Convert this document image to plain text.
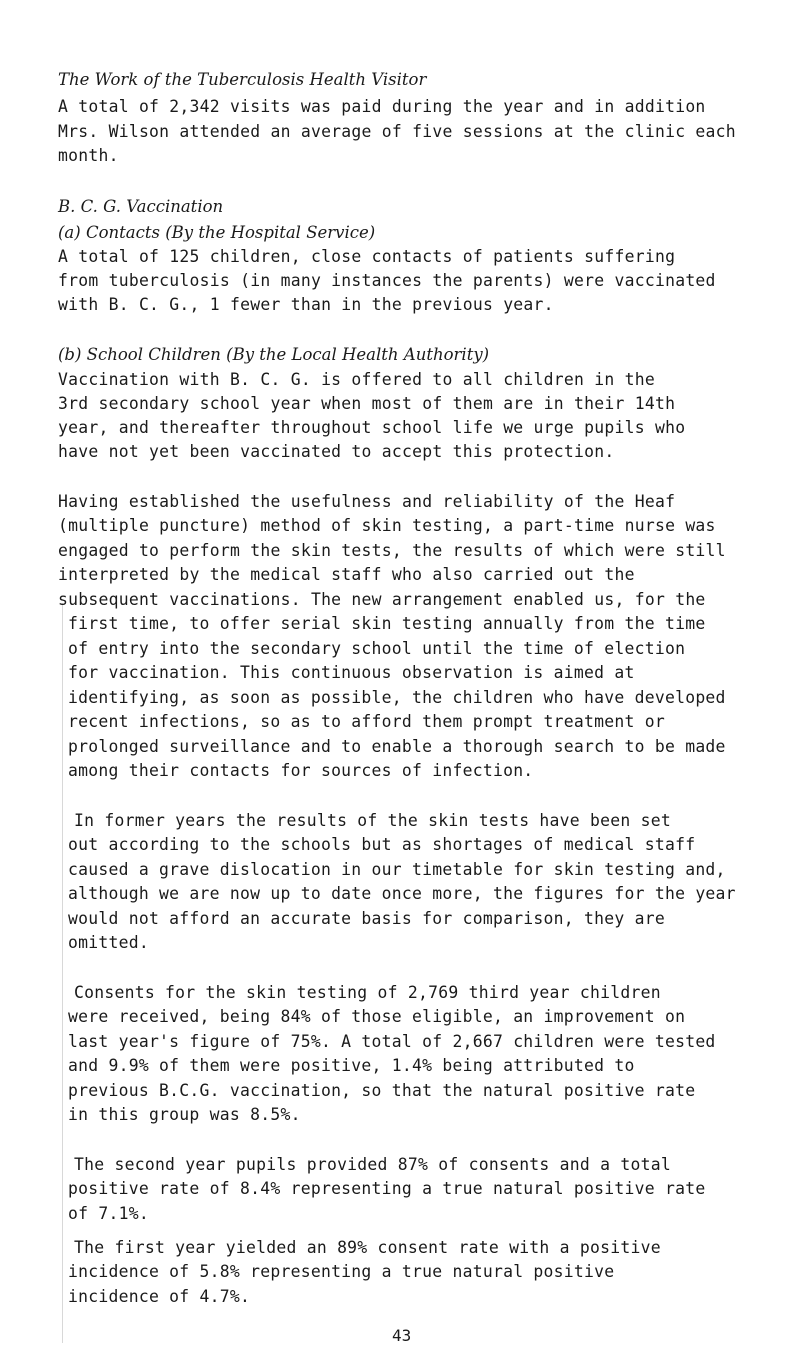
The Work of the Tuberculosis Health Visitor
A total of 2,342 visits was paid during the year and in addition
Mrs. Wilson attended an average of five sessions at the clinic each
month.
B. C. G. Vaccination
(a) Contacts (By the Hospital Service)
A total of 125 children, close contacts of patients suffering
from tuberculosis (in many instances the parents) were vaccinated
with B. C. G., 1 fewer than in the previous year.
(b) School Children (By the Local Health Authority)
Vaccination with B. C. G. is offered to all children in the
3rd secondary school year when most of them are in their 14th
year, and thereafter throughout school life we urge pupils who
have not yet been vaccinated to accept this protection.
Having established the usefulness and reliability of the Heaf
(multiple puncture) method of skin testing, a part-time nurse was
engaged to perform the skin tests, the results of which were still
interpreted by the medical staff who also carried out the
subsequent vaccinations. The new arrangement enabled us, for the
first time, to offer serial skin testing annually from the time
of entry into the secondary school until the time of election
for vaccination. This continuous observation is aimed at
identifying, as soon as possible, the children who have developed
recent infections, so as to afford them prompt treatment or
prolonged surveillance and to enable a thorough search to be made
among their contacts for sources of infection.
In former years the results of the skin tests have been set
out according to the schools but as shortages of medical staff
caused a grave dislocation in our timetable for skin testing and,
although we are now up to date once more, the figures for the year
would not afford an accurate basis for comparison, they are
omitted.
Consents for the skin testing of 2,769 third year children
were received, being 84% of those eligible, an improvement on
last year's figure of 75%. A total of 2,667 children were tested
and 9.9% of them were positive, 1.4% being attributed to
previous B.C.G. vaccination, so that the natural positive rate
in this group was 8.5%.
The second year pupils provided 87% of consents and a total
positive rate of 8.4% representing a true natural positive rate
of 7.1%.
The first year yielded an 89% consent rate with a positive
incidence of 5.8% representing a true natural positive
incidence of 4.7%.
43
